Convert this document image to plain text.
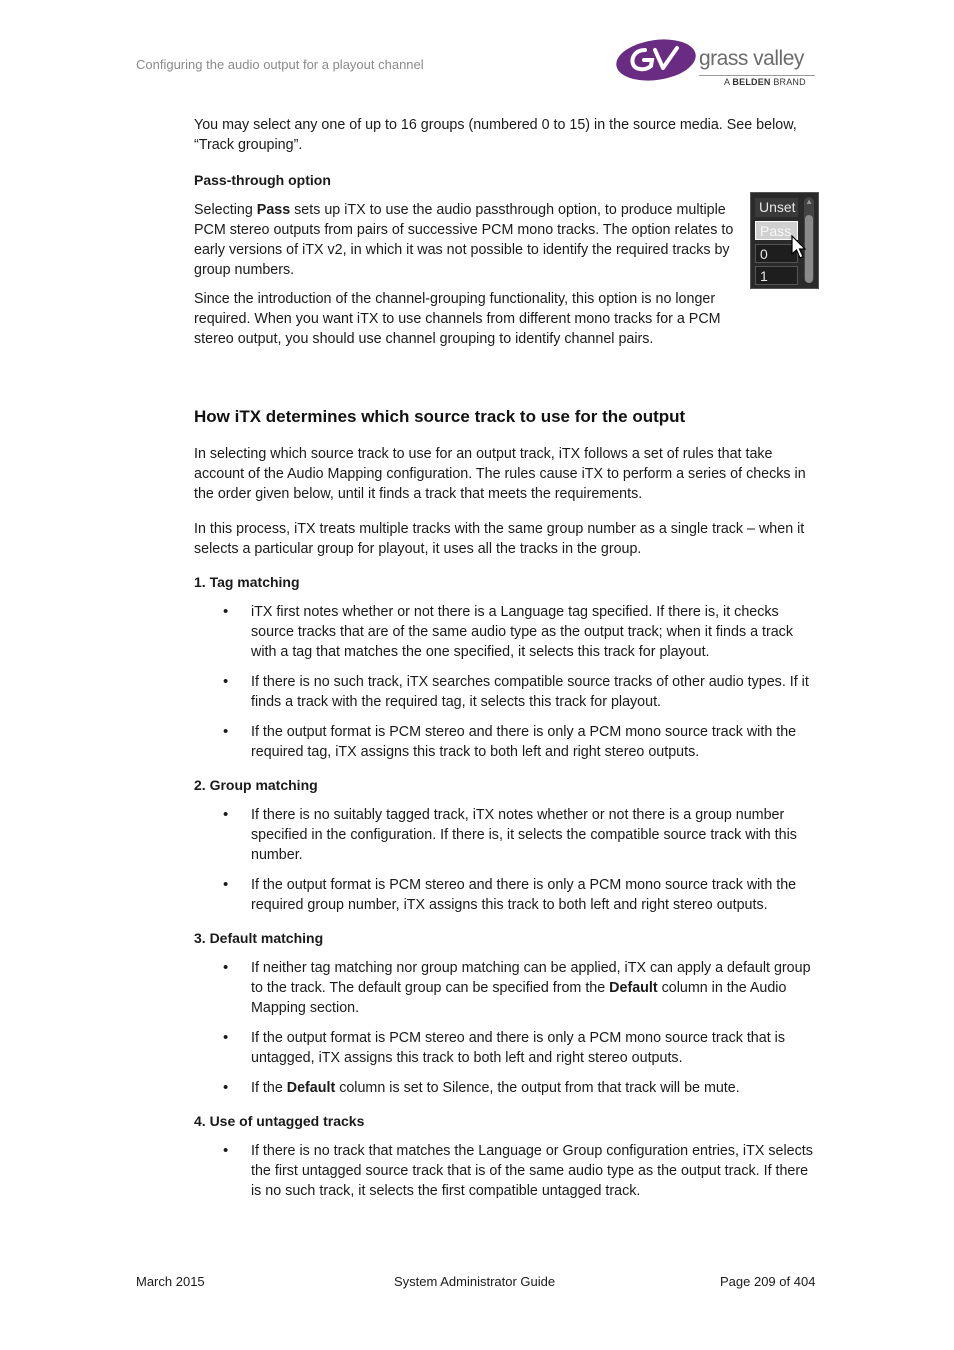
Configuring the audio output for a playout channel	grass valley
A BELDEN BRAND

You may select any one of up to 16 groups (numbered 0 to 15) in the source media. See below, “Track grouping”.

Pass-through option

Selecting Pass sets up iTX to use the audio passthrough option, to produce multiple PCM stereo outputs from pairs of successive PCM mono tracks. The option relates to early versions of iTX v2, in which it was not possible to identify the required tracks by group numbers.

Since the introduction of the channel-grouping functionality, this option is no longer required. When you want iTX to use channels from different mono tracks for a PCM stereo output, you should use channel grouping to identify channel pairs.

Unset
Pass
0
1
▲
How iTX determines which source track to use for the output

In selecting which source track to use for an output track, iTX follows a set of rules that take account of the Audio Mapping configuration. The rules cause iTX to perform a series of checks in the order given below, until it finds a track that meets the requirements.

In this process, iTX treats multiple tracks with the same group number as a single track – when it selects a particular group for playout, it uses all the tracks in the group.

1. Tag matching
• iTX first notes whether or not there is a Language tag specified. If there is, it checks source tracks that are of the same audio type as the output track; when it finds a track with a tag that matches the one specified, it selects this track for playout.
• If there is no such track, iTX searches compatible source tracks of other audio types. If it finds a track with the required tag, it selects this track for playout.
• If the output format is PCM stereo and there is only a PCM mono source track with the required tag, iTX assigns this track to both left and right stereo outputs.
2. Group matching
• If there is no suitably tagged track, iTX notes whether or not there is a group number specified in the configuration. If there is, it selects the compatible source track with this number.
• If the output format is PCM stereo and there is only a PCM mono source track with the required group number, iTX assigns this track to both left and right stereo outputs.
3. Default matching
• If neither tag matching nor group matching can be applied, iTX can apply a default group to the track. The default group can be specified from the Default column in the Audio Mapping section.
• If the output format is PCM stereo and there is only a PCM mono source track that is untagged, iTX assigns this track to both left and right stereo outputs.
• If the Default column is set to Silence, the output from that track will be mute.
4. Use of untagged tracks
• If there is no track that matches the Language or Group configuration entries, iTX selects the first untagged source track that is of the same audio type as the output track. If there is no such track, it selects the first compatible untagged track.
March 2015	System Administrator Guide	Page 209 of 404
